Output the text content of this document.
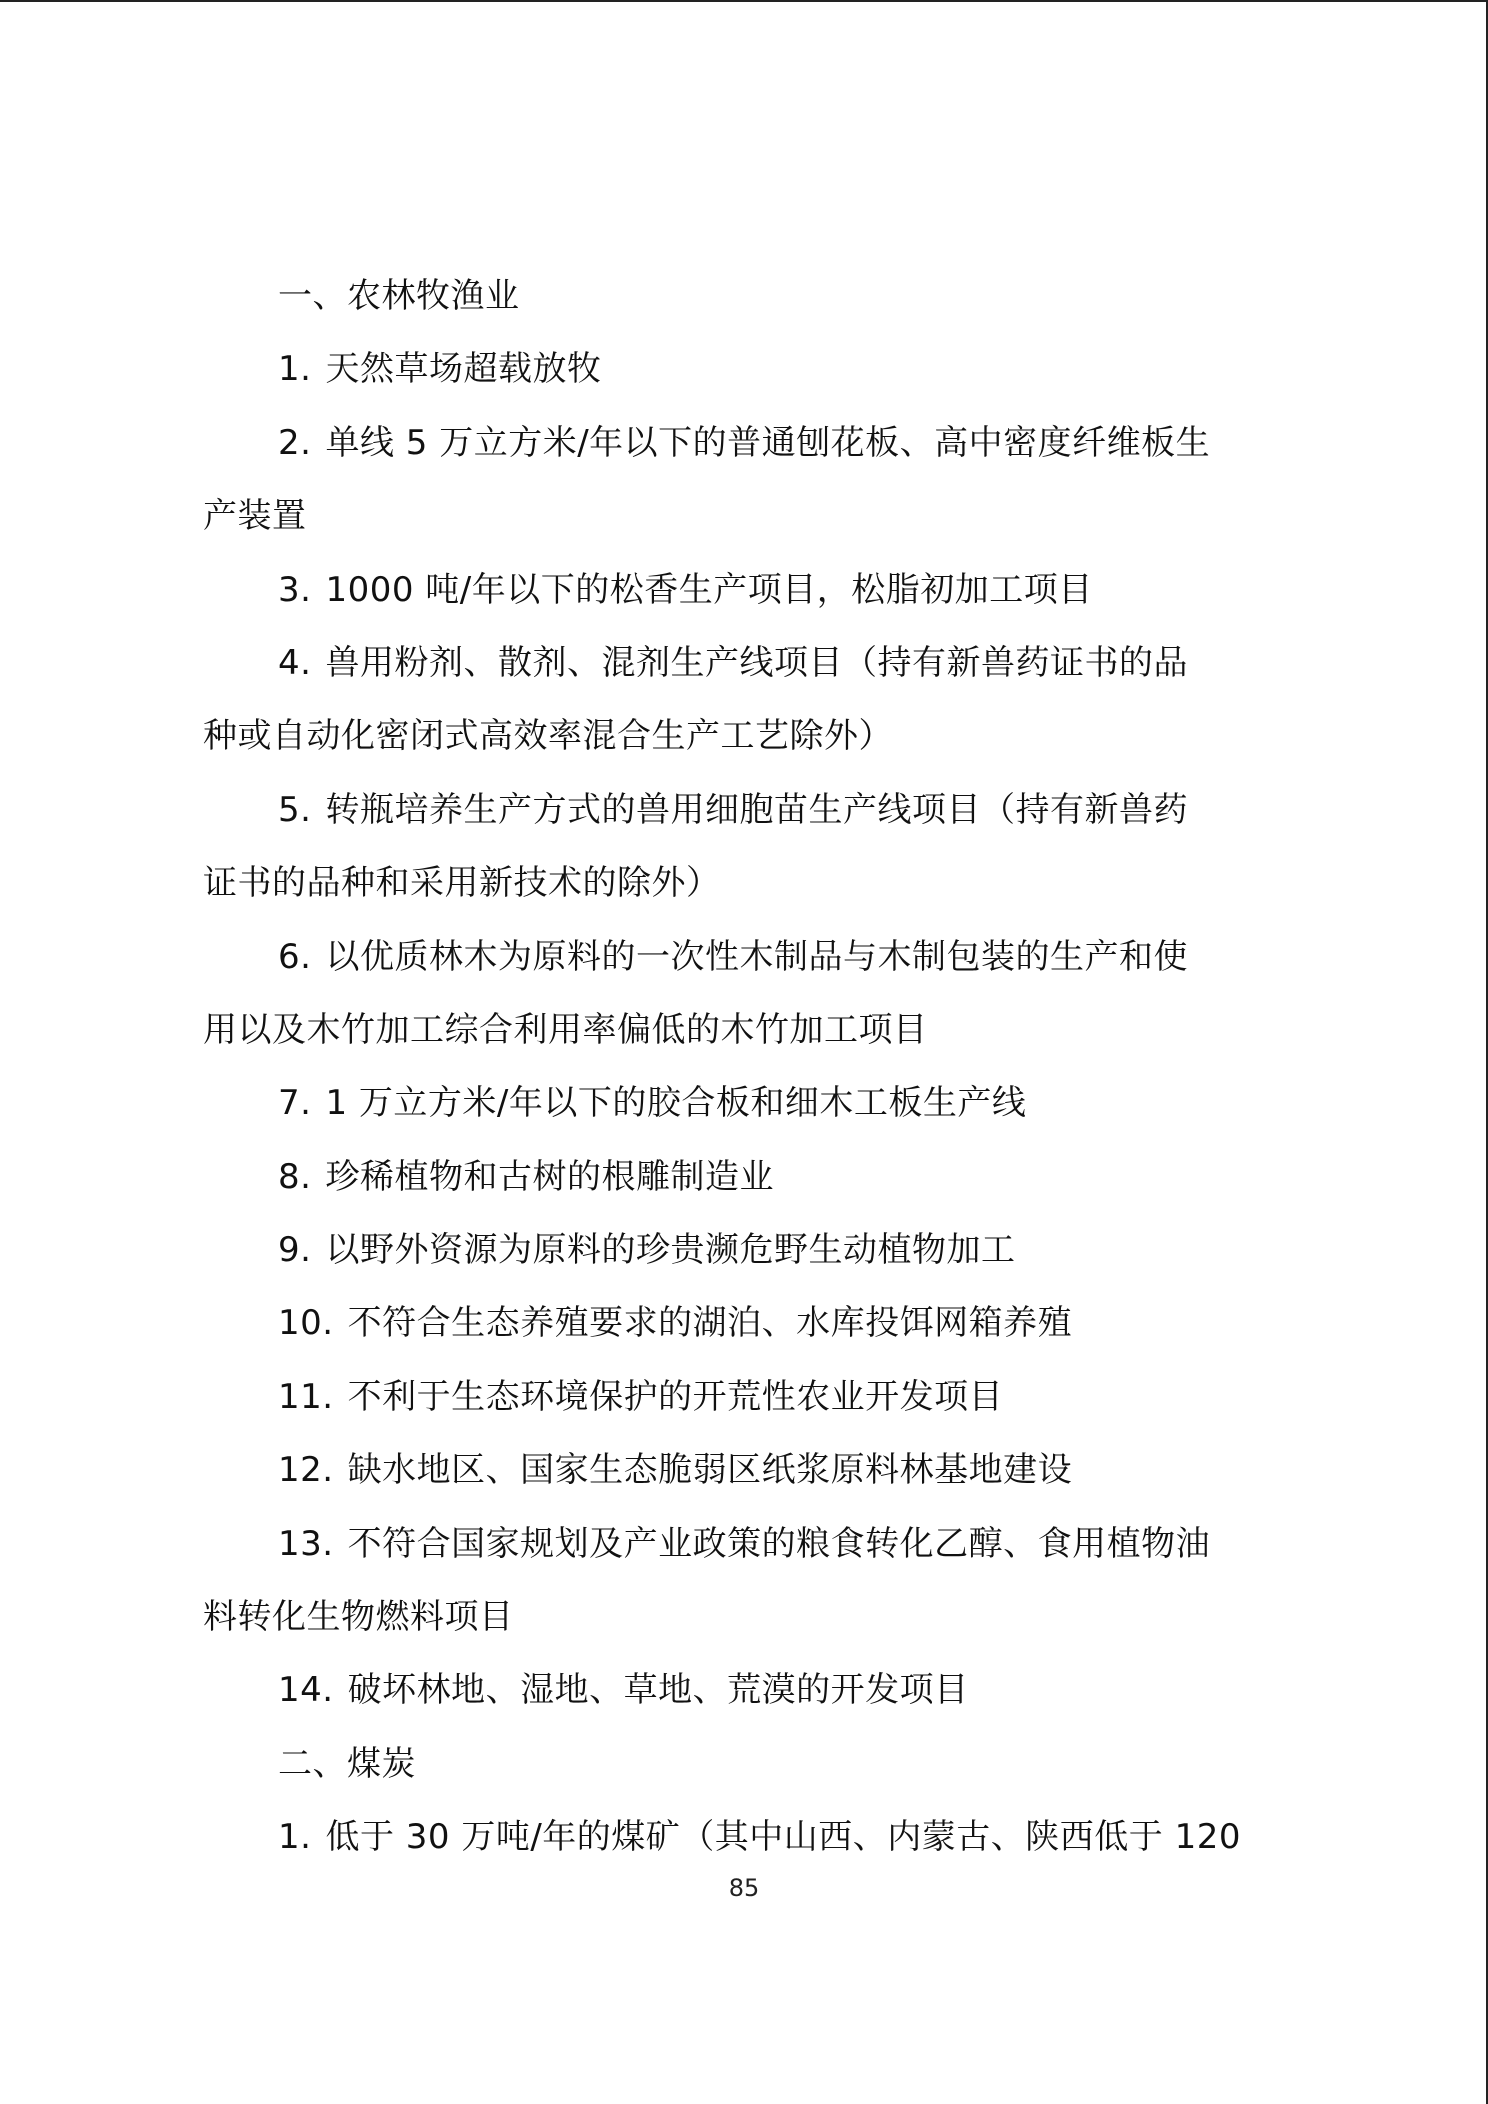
一、农林牧渔业
1. 天然草场超载放牧
2. 单线 5 万立方米/年以下的普通刨花板、高中密度纤维板生
产装置
3. 1000 吨/年以下的松香生产项目，松脂初加工项目
4. 兽用粉剂、散剂、混剂生产线项目（持有新兽药证书的品
种或自动化密闭式高效率混合生产工艺除外）
5. 转瓶培养生产方式的兽用细胞苗生产线项目（持有新兽药
证书的品种和采用新技术的除外）
6. 以优质林木为原料的一次性木制品与木制包装的生产和使
用以及木竹加工综合利用率偏低的木竹加工项目
7. 1 万立方米/年以下的胶合板和细木工板生产线
8. 珍稀植物和古树的根雕制造业
9. 以野外资源为原料的珍贵濒危野生动植物加工
10. 不符合生态养殖要求的湖泊、水库投饵网箱养殖
11. 不利于生态环境保护的开荒性农业开发项目
12. 缺水地区、国家生态脆弱区纸浆原料林基地建设
13. 不符合国家规划及产业政策的粮食转化乙醇、食用植物油
料转化生物燃料项目
14. 破坏林地、湿地、草地、荒漠的开发项目
二、煤炭
1. 低于 30 万吨/年的煤矿（其中山西、内蒙古、陕西低于 120
85
